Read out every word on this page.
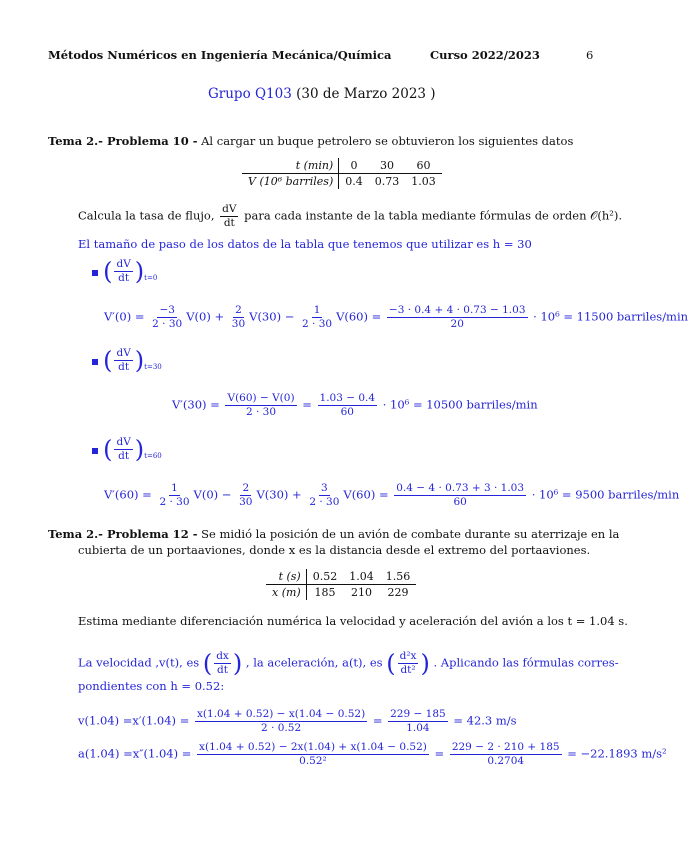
Métodos Numéricos en Ingeniería Mecánica/Química	Curso 2022/2023	6
Grupo Q103 (30 de Marzo 2023 )
Tema 2.- Problema 10 - Al cargar un buque petrolero se obtuvieron los siguientes datos
t (min)	0	30	60
V (10⁶ barriles)	0.4	0.73	1.03
Calcula la tasa de flujo, $\frac{dV}{dt}$ para cada instante de la tabla mediante fórmulas de orden 𝒪(h²).
El tamaño de paso de los datos de la tabla que tenemos que utilizar es h = 30
( $\frac{dV}{dt} )_{t=0}$
$V'(0) = \frac{-3}{2 \cdot 30} V(0) + \frac{2}{30} V(30) - \frac{1}{2 \cdot 30} V(60) = \frac{-3 \cdot 0.4 + 4 \cdot 0.73 - 1.03}{20} \cdot 10^6 = 11500$ barriles/min
( $\frac{dV}{dt} )_{t=30}$
$V'(30) = \frac{V(60) - V(0)}{2 \cdot 30} = \frac{1.03 - 0.4}{60} \cdot 10^6 = 10500$ barriles/min
( $\frac{dV}{dt} )_{t=60}$
$V'(60) = \frac{1}{2 \cdot 30} V(0) - \frac{2}{30} V(30) + \frac{3}{2 \cdot 30} V(60) = \frac{0.4 - 4 \cdot 0.73 + 3 \cdot 1.03}{60} \cdot 10^6 = 9500$ barriles/min
Tema 2.- Problema 12 - Se midió la posición de un avión de combate durante su aterrizaje en la
cubierta de un portaaviones, donde x es la distancia desde el extremo del portaaviones.
t (s)	0.52	1.04	1.56
x (m)	185	210	229
Estima mediante diferenciación numérica la velocidad y aceleración del avión a los t = 1.04 s.
La velocidad ,v(t), es ( $\frac{dx}{dt}$ ) , la aceleración, a(t), es ( $\frac{\text{d²x}}{\text{dt²}}$ ) . Aplicando las fórmulas corres-
pondientes con h = 0.52:
$v(1.04) =x'(1.04) = \frac{x(1.04 + 0.52) - x(1.04 - 0.52)}{2 \cdot 0.52} = \frac{229 - 185}{1.04} = 42.3$ m/s
$a(1.04) =x''(1.04) = \frac{x(1.04 + 0.52) - 2x(1.04) + x(1.04 - 0.52)}{\text{0.52²}} = \frac{229 - 2 \cdot 210 + 185}{0.2704} = -22.1893$ m/s²
